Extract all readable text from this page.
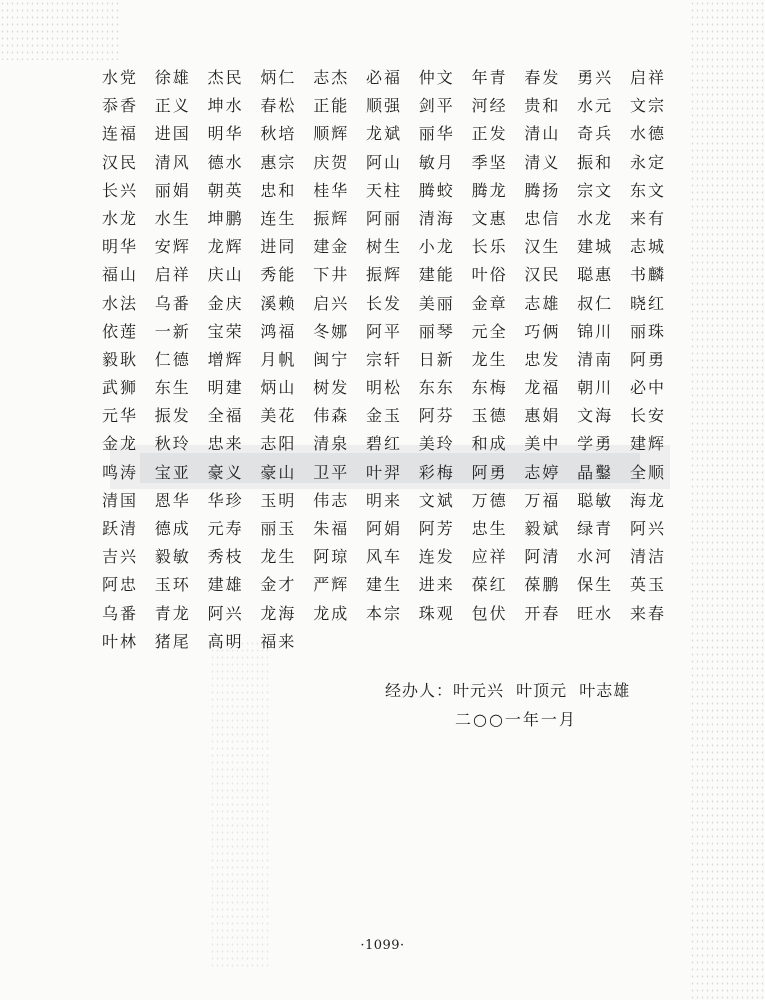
水党	徐雄	杰民	炳仁	志杰	必福	仲文	年青	春发	勇兴	启祥
忝香	正义	坤水	春松	正能	顺强	剑平	河经	贵和	水元	文宗
连福	进国	明华	秋培	顺辉	龙斌	丽华	正发	清山	奇兵	水德
汉民	清风	德水	惠宗	庆贺	阿山	敏月	季坚	清义	振和	永定
长兴	丽娟	朝英	忠和	桂华	天柱	腾蛟	腾龙	腾扬	宗文	东文
水龙	水生	坤鹏	连生	振辉	阿丽	清海	文惠	忠信	水龙	来有
明华	安辉	龙辉	进同	建金	树生	小龙	长乐	汉生	建城	志城
福山	启祥	庆山	秀能	下井	振辉	建能	叶俗	汉民	聪惠	书麟
水法	乌番	金庆	溪赖	启兴	长发	美丽	金章	志雄	叔仁	晓红
依莲	一新	宝荣	鸿福	冬娜	阿平	丽琴	元全	巧俩	锦川	丽珠
毅耿	仁德	增辉	月帆	闽宁	宗轩	日新	龙生	忠发	清南	阿勇
武狮	东生	明建	炳山	树发	明松	东东	东梅	龙福	朝川	必中
元华	振发	全福	美花	伟森	金玉	阿芬	玉德	惠娟	文海	长安
金龙	秋玲	忠来	志阳	清泉	碧红	美玲	和成	美中	学勇	建辉
鸣涛	宝亚	豪义	豪山	卫平	叶羿	彩梅	阿勇	志婷	晶鑿	全顺
清国	恩华	华珍	玉明	伟志	明来	文斌	万德	万福	聪敏	海龙
跃清	德成	元寿	丽玉	朱福	阿娟	阿芳	忠生	毅斌	绿青	阿兴
吉兴	毅敏	秀枝	龙生	阿琼	风车	连发	应祥	阿清	水河	清洁
阿忠	玉环	建雄	金才	严辉	建生	进来	葆红	葆鹏	保生	英玉
乌番	青龙	阿兴	龙海	龙成	本宗	珠观	包伏	开春	旺水	来春
叶林	猪尾	高明	福来
经办人：叶元兴 叶顶元 叶志雄
二○○一年一月
·1099·
